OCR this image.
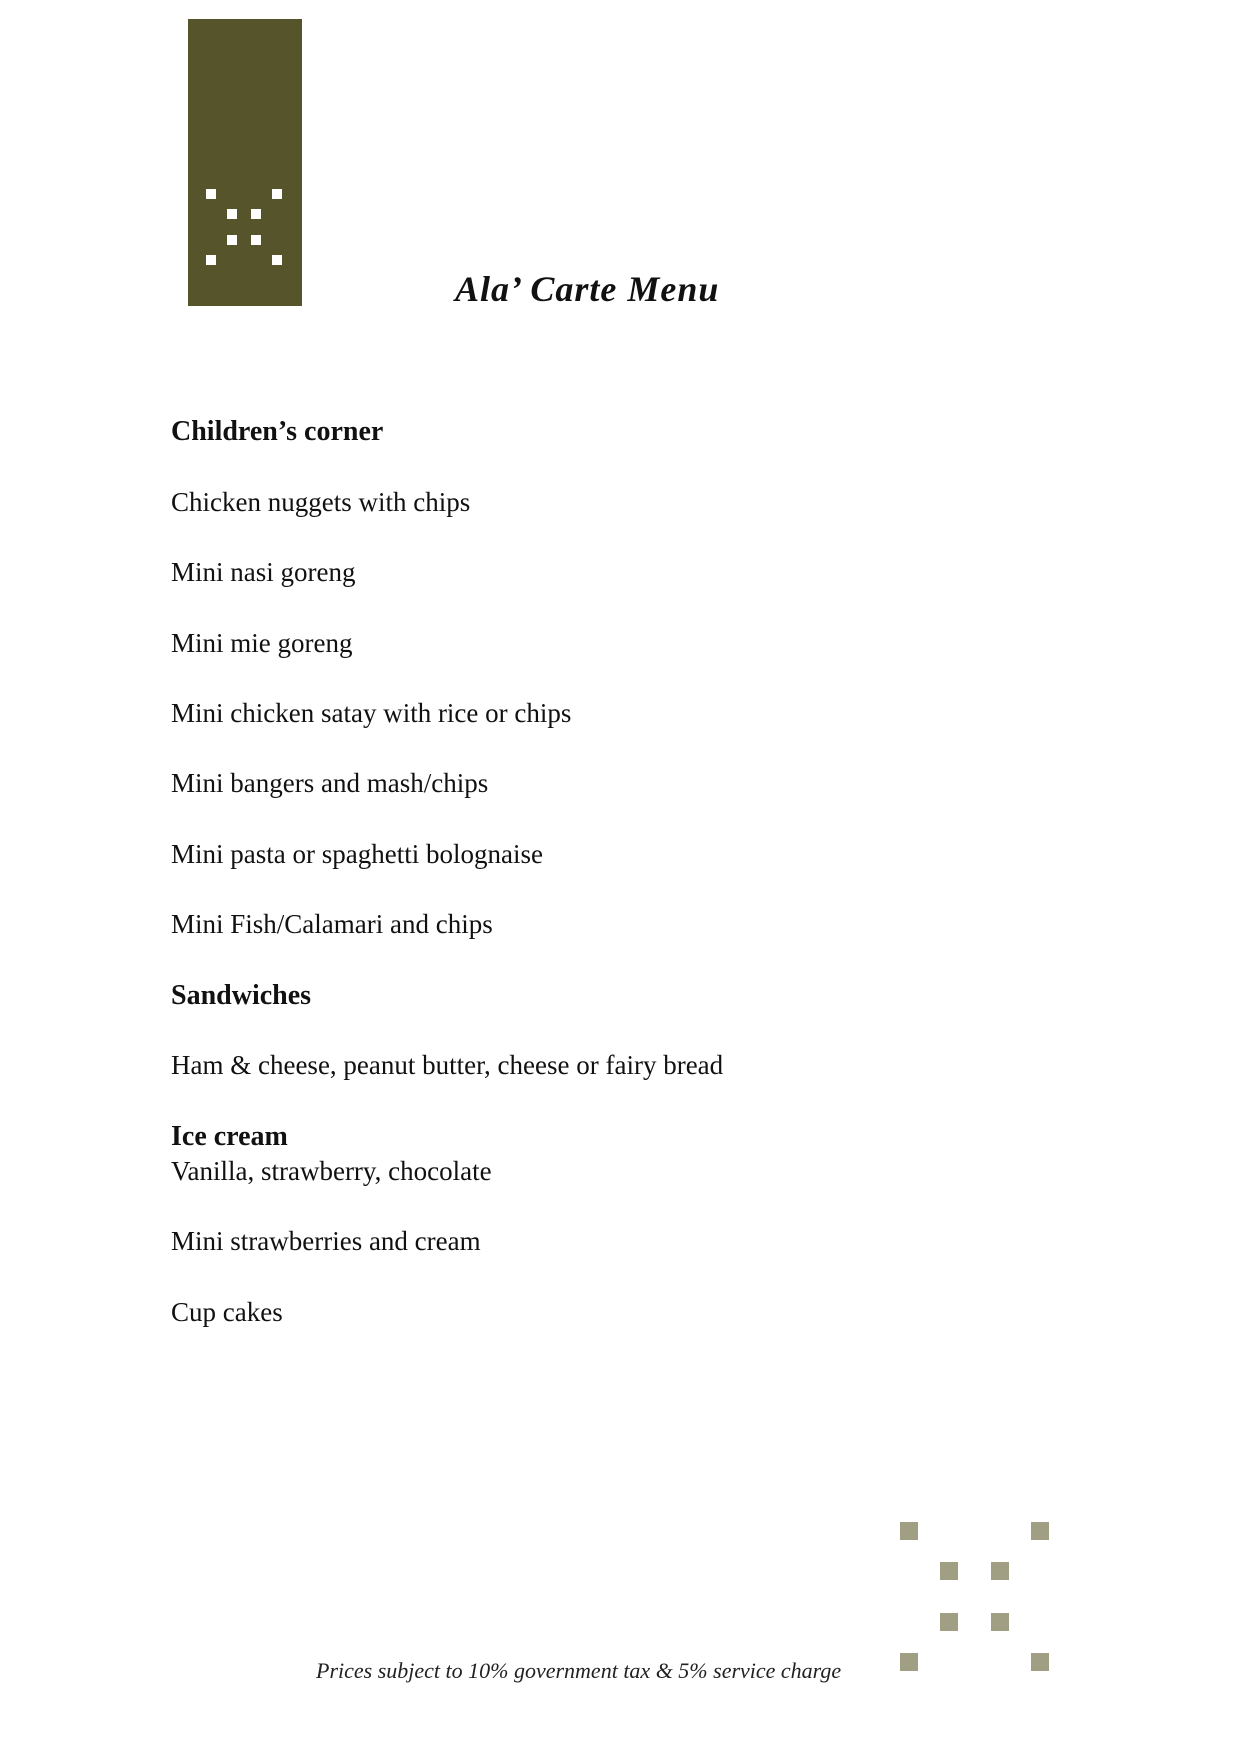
Ala’ Carte Menu
Children’s corner
Chicken nuggets with chips
Mini nasi goreng
Mini mie goreng
Mini chicken satay with rice or chips
Mini bangers and mash/chips
Mini pasta or spaghetti bolognaise
Mini Fish/Calamari and chips
Sandwiches
Ham & cheese, peanut butter, cheese or fairy bread
Ice cream
Vanilla, strawberry, chocolate
Mini strawberries and cream
Cup cakes
Prices subject to 10% government tax & 5% service charge
